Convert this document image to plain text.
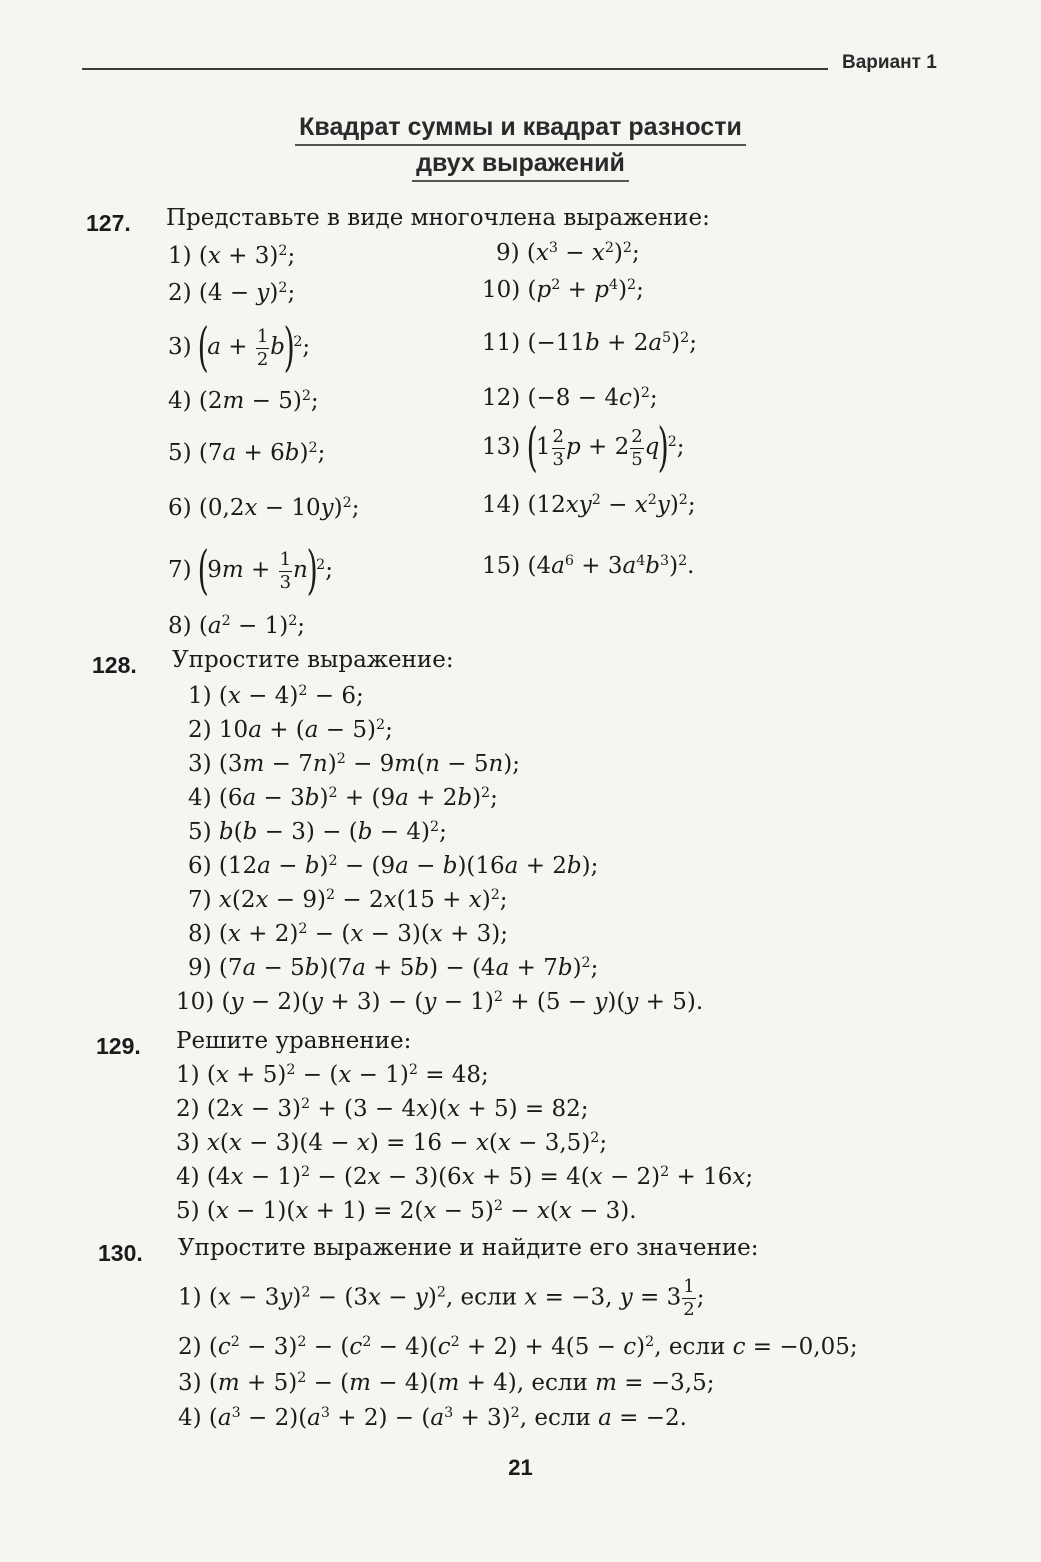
Вариант 1
Квадрат суммы и квадрат разности
двух выражений
127. Представьте в виде многочлена выражение:
1) $(x + 3)^2$;
2) $(4 - y)^2$;
3) $(a + \frac{1}{2} b)^2$;
4) $(2m - 5)^2$;
5) $(7a + 6b)^2$;
6) $(0,2x - 10y)^2$;
7) $(9m + \frac{1}{3} n)^2$;
8) $(a^2 - 1)^2$;
9) $(x^3 - x^2)^2$;
10) $(p^2 + p^4)^2$;
11) $(-11b + 2a^5)^2$;
12) $(-8 - 4c)^2$;
13) ($1 \frac{2}{3}$ $p + 2 \frac{2}{5} q)^2$;
14) $(12xy^2 - x^2y)^2$;
15) $(4a^6 + 3a^4b^3)^2$.
128. Упростите выражение:
1) $(x - 4)^2 - 6$;
2) $10a + (a - 5)^2$;
3) $(3m - 7n)^2 - 9m(n - 5n)$;
4) $(6a - 3b)^2 + (9a + 2b)^2$;
5) $b(b - 3) - (b - 4)^2$;
6) $(12a - b)^2 - (9a - b)(16a + 2b)$;
7) $x(2x - 9)^2 - 2x(15 + x)^2$;
8) $(x + 2)^2 - (x - 3)(x + 3)$;
9) $(7a - 5b)(7a + 5b) - (4a + 7b)^2$;
10) $(y - 2)(y + 3) - (y - 1)^2 + (5 - y)(y + 5)$.
129. Решите уравнение:
1) $(x + 5)^2 - (x - 1)^2 = 48$;
2) $(2x - 3)^2 + (3 - 4x)(x + 5) = 82$;
3) $x(x - 3)(4 - x) = 16 - x(x - 3,5)^2$;
4) $(4x - 1)^2 - (2x - 3)(6x + 5) = 4(x - 2)^2 + 16x$;
5) $(x - 1)(x + 1) = 2(x - 5)^2 - x(x - 3)$.
130. Упростите выражение и найдите его значение:
1) $(x - 3y)^2 - (3x - y)^2$, если x = −3, $y = 3 \frac{1}{2}$ ;
2) $(c^2 - 3)^2 - (c^2 - 4)(c^2 + 2) + 4(5 - c)^2$, если c = −0,05;
3) $(m + 5)^2 - (m - 4)(m + 4)$, если m = −3,5;
4) $(a^3 - 2)(a^3 + 2) - (a^3 + 3)^2$, если a = −2.
21
